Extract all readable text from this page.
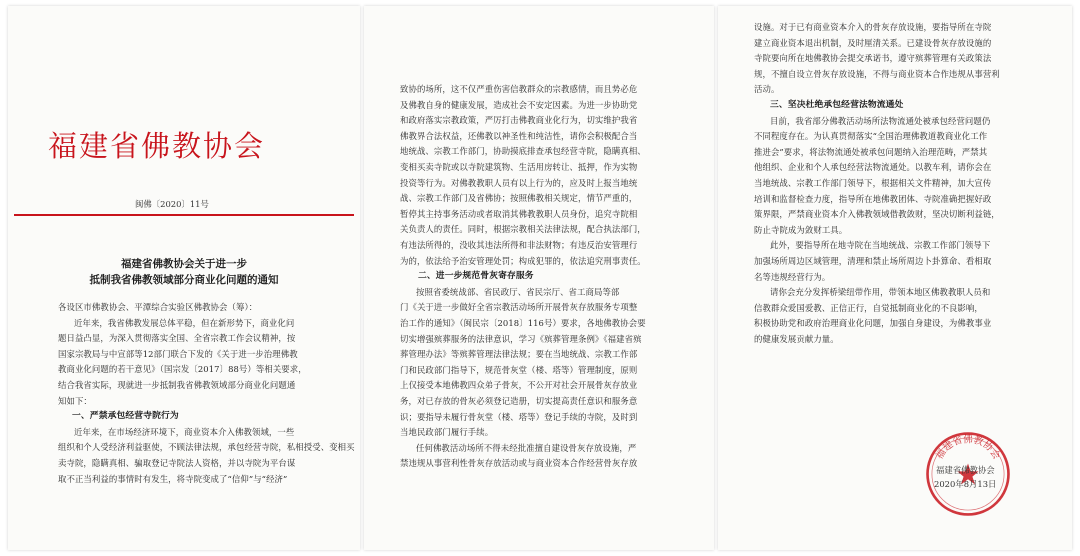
福建省佛教协会
闽佛〔2020〕11号
福建省佛教协会关于进一步
抵制我省佛教领域部分商业化问题的通知
各设区市佛教协会、平潭综合实验区佛教协会（筹）：
近年来，我省佛教发展总体平稳，但在新形势下，商业化问
题日益凸显，为深入贯彻落实全国、全省宗教工作会议精神，按
国家宗教局与中宣部等12部门联合下发的《关于进一步治理佛教
教商业化问题的若干意见》（国宗发〔2017〕88号）等相关要求，
结合我省实际，现就进一步抵制我省佛教领域部分商业化问题通
知如下：
一、严禁承包经营寺院行为
近年来，在市场经济环境下，商业资本介入佛教领域，一些
组织和个人受经济利益驱使，不顾法律法规，承包经营寺院，私相授受、变相买
卖寺院，隐瞒真相、骗取登记寺院法人资格，并以寺院为平台谋
取不正当利益的事情时有发生，将寺院变成了“信仰”与“经济”
致协的场所，这不仅严重伤害信教群众的宗教感情，而且势必危
及佛教自身的健康发展，造成社会不安定因素。为进一步协助党
和政府落实宗教政策，严厉打击佛教商业化行为，切实维护我省
佛教界合法权益，还佛教以神圣性和纯洁性，请你会积极配合当
地统战、宗教工作部门，协助摸底排查承包经营寺院，隐瞒真相、
变相买卖寺院或以寺院建筑物、生活用房转让、抵押，作为实物
投资等行为。对佛教教职人员有以上行为的，应及时上报当地统
战、宗教工作部门及省佛协；按照佛教相关规定，情节严重的，
暂停其主持事务活动或者取消其佛教教职人员身份，追究寺院相
关负责人的责任。同时，根据宗教相关法律法规，配合执法部门，
有违法所得的，没收其违法所得和非法财物；有违反治安管理行
为的，依法给予治安管理处罚；构成犯罪的，依法追究刑事责任。
二、进一步规范骨灰寄存服务
按照省委统战部、省民政厅、省民宗厅、省工商局等部
门《关于进一步做好全省宗教活动场所开展骨灰存放服务专项整
治工作的通知》（闽民宗〔2018〕116号）要求，各地佛教协会要
切实增强殡葬服务的法律意识，学习《殡葬管理条例》《福建省殡
葬管理办法》等殡葬管理法律法规；要在当地统战、宗教工作部
门和民政部门指导下，规范骨灰堂（楼、塔等）管理制度，原则
上仅接受本地佛教四众弟子骨灰，不公开对社会开展骨灰存放业
务，对已存放的骨灰必须登记造册，切实提高责任意识和服务意
识；要指导未履行骨灰堂（楼、塔等）登记手续的寺院，及时到
当地民政部门履行手续。
任何佛教活动场所不得未经批准擅自建设骨灰存放设施，严
禁违规从事营利性骨灰存放活动或与商业资本合作经营骨灰存放
设施。对于已有商业资本介入的骨灰存放设施，要指导所在寺院
建立商业资本退出机制，及时厘清关系。已建设骨灰存放设施的
寺院要向所在地佛教协会提交承诺书，遵守殡葬管理有关政策法
规，不擅自设立骨灰存放设施，不得与商业资本合作违规从事营利
活动。
三、坚决杜绝承包经营法物流通处
目前，我省部分佛教活动场所法物流通处被承包经营问题仍
不同程度存在。为认真贯彻落实“全国治理佛教道教商业化工作
推进会”要求，将法物流通处被承包问题纳入治理范畴，严禁其
他组织、企业和个人承包经营法物流通处。以教车利，请你会在
当地统战、宗教工作部门领导下，根据相关文件精神，加大宣传
培训和监督检查力度，指导所在地佛教团体、寺院准确把握好政
策界限，严禁商业资本介入佛教领域借教敛财，坚决切断利益链，
防止寺院成为敛财工具。
此外，要指导所在地寺院在当地统战、宗教工作部门领导下
加强场所周边区域管理，清理和禁止场所周边卜卦算命、看相取
名等违规经营行为。
请你会充分发挥桥梁纽带作用，带领本地区佛教教职人员和
信教群众爱国爱教、正信正行，自觉抵制商业化的不良影响，
积极协助党和政府治理商业化问题，加强自身建设，为佛教事业
的健康发展贡献力量。
福建省佛教协会
福建省佛教协会
2020年8月13日
